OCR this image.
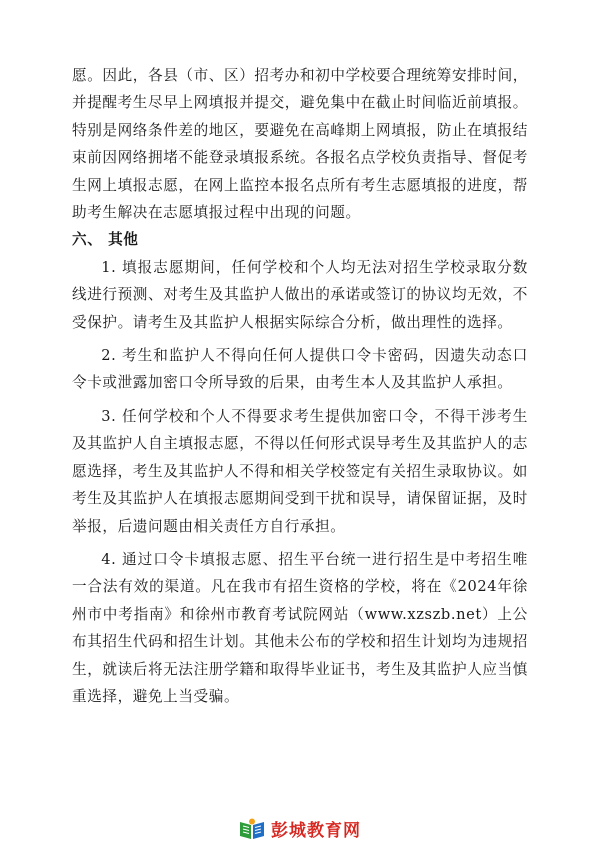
愿。因此，各县（市、区）招考办和初中学校要合理统筹安排时间，并提醒考生尽早上网填报并提交，避免集中在截止时间临近前填报。特别是网络条件差的地区，要避免在高峰期上网填报，防止在填报结束前因网络拥堵不能登录填报系统。各报名点学校负责指导、督促考生网上填报志愿，在网上监控本报名点所有考生志愿填报的进度，帮助考生解决在志愿填报过程中出现的问题。

六、 其他

1. 填报志愿期间，任何学校和个人均无法对招生学校录取分数线进行预测、对考生及其监护人做出的承诺或签订的协议均无效，不受保护。请考生及其监护人根据实际综合分析，做出理性的选择。

2. 考生和监护人不得向任何人提供口令卡密码，因遗失动态口令卡或泄露加密口令所导致的后果，由考生本人及其监护人承担。

3. 任何学校和个人不得要求考生提供加密口令，不得干涉考生及其监护人自主填报志愿，不得以任何形式误导考生及其监护人的志愿选择，考生及其监护人不得和相关学校签定有关招生录取协议。如考生及其监护人在填报志愿期间受到干扰和误导，请保留证据，及时举报，后遗问题由相关责任方自行承担。

4. 通过口令卡填报志愿、招生平台统一进行招生是中考招生唯一合法有效的渠道。凡在我市有招生资格的学校，将在《2024年徐州市中考指南》和徐州市教育考试院网站（www.xzszb.net）上公布其招生代码和招生计划。其他未公布的学校和招生计划均为违规招生，就读后将无法注册学籍和取得毕业证书，考生及其监护人应当慎重选择，避免上当受骗。

彭城教育网
